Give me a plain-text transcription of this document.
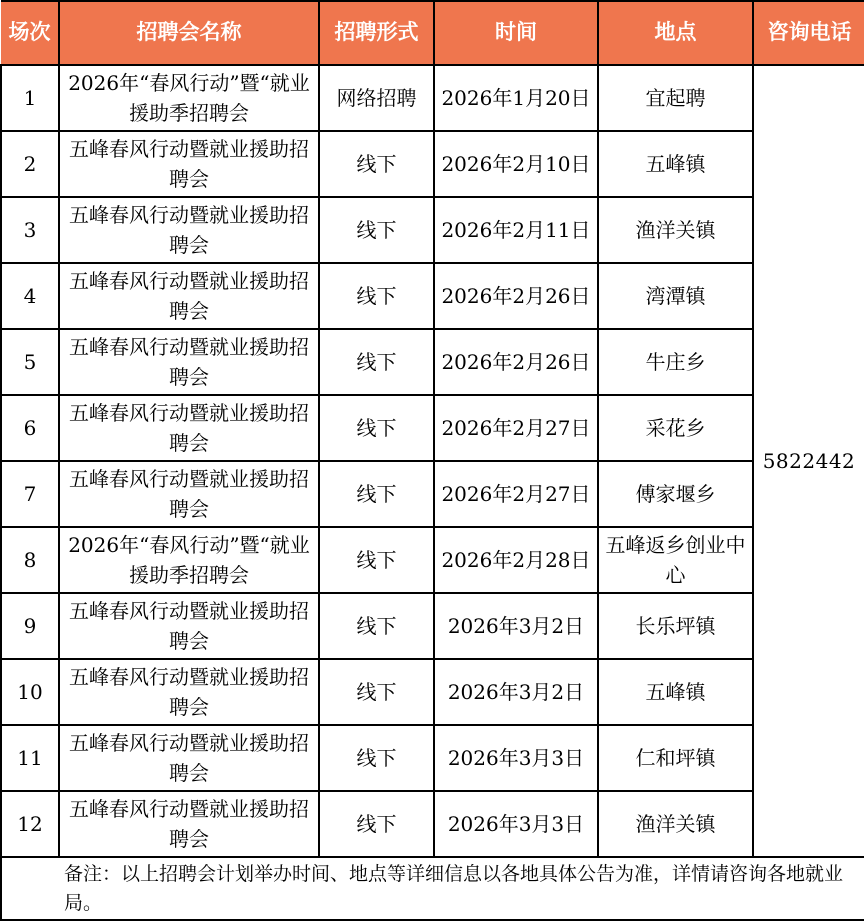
场次	招聘会名称	招聘形式	时间	地点	咨询电话
1	2026年“春风行动”暨“就业援助季招聘会	网络招聘	2026年1月20日	宜起聘	5822442
2	五峰春风行动暨就业援助招聘会	线下	2026年2月10日	五峰镇	
3	五峰春风行动暨就业援助招聘会	线下	2026年2月11日	渔洋关镇	
4	五峰春风行动暨就业援助招聘会	线下	2026年2月26日	湾潭镇	
5	五峰春风行动暨就业援助招聘会	线下	2026年2月26日	牛庄乡	
6	五峰春风行动暨就业援助招聘会	线下	2026年2月27日	采花乡	
7	五峰春风行动暨就业援助招聘会	线下	2026年2月27日	傅家堰乡	
8	2026年“春风行动”暨“就业援助季招聘会	线下	2026年2月28日	五峰返乡创业中心	
9	五峰春风行动暨就业援助招聘会	线下	2026年3月2日	长乐坪镇	
10	五峰春风行动暨就业援助招聘会	线下	2026年3月2日	五峰镇	
11	五峰春风行动暨就业援助招聘会	线下	2026年3月3日	仁和坪镇	
12	五峰春风行动暨就业援助招聘会	线下	2026年3月3日	渔洋关镇	
备注：以上招聘会计划举办时间、地点等详细信息以各地具体公告为准，详情请咨询各地就业局。					
